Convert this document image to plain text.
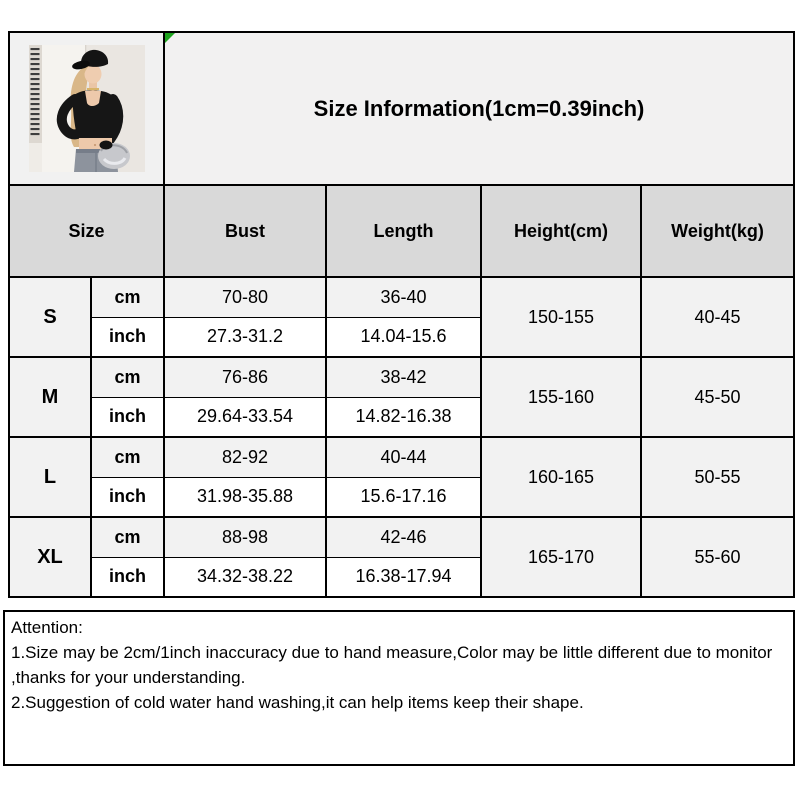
Size Information(1cm=0.39inch)			
Size		Bust	Length	Height(cm)	Weight(kg)
S	cm	70-80	36-40	150-155	40-45
	inch	27.3-31.2	14.04-15.6		
M	cm	76-86	38-42	155-160	45-50
	inch	29.64-33.54	14.82-16.38		
L	cm	82-92	40-44	160-165	50-55
	inch	31.98-35.88	15.6-17.16		
XL	cm	88-98	42-46	165-170	55-60
	inch	34.32-38.22	16.38-17.94		
Attention:
1.Size may be 2cm/1inch inaccuracy due to hand measure,Color may be little different due to monitor ,thanks for your understanding.
2.Suggestion of cold water hand washing,it can help items keep their shape.
